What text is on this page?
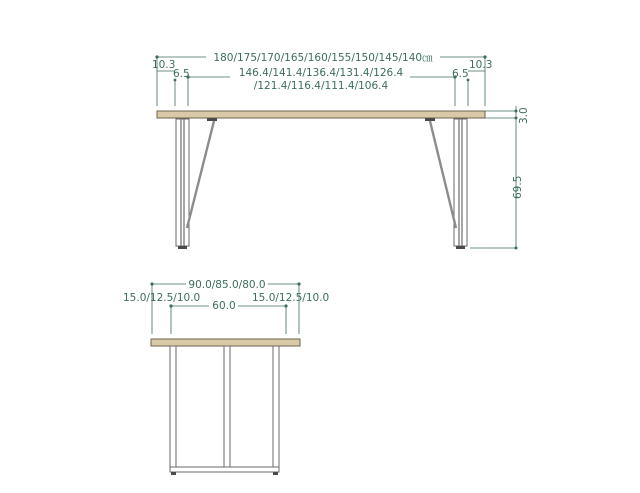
180/175/170/165/160/155/150/145/140㎝
146.4/141.4/136.4/131.4/126.4
/121.4/116.4/111.4/106.4
10.3	10.3
6.5	6.5
3.0
69.5
90.0/85.0/80.0
15.0/12.5/10.0	15.0/12.5/10.0
60.0
